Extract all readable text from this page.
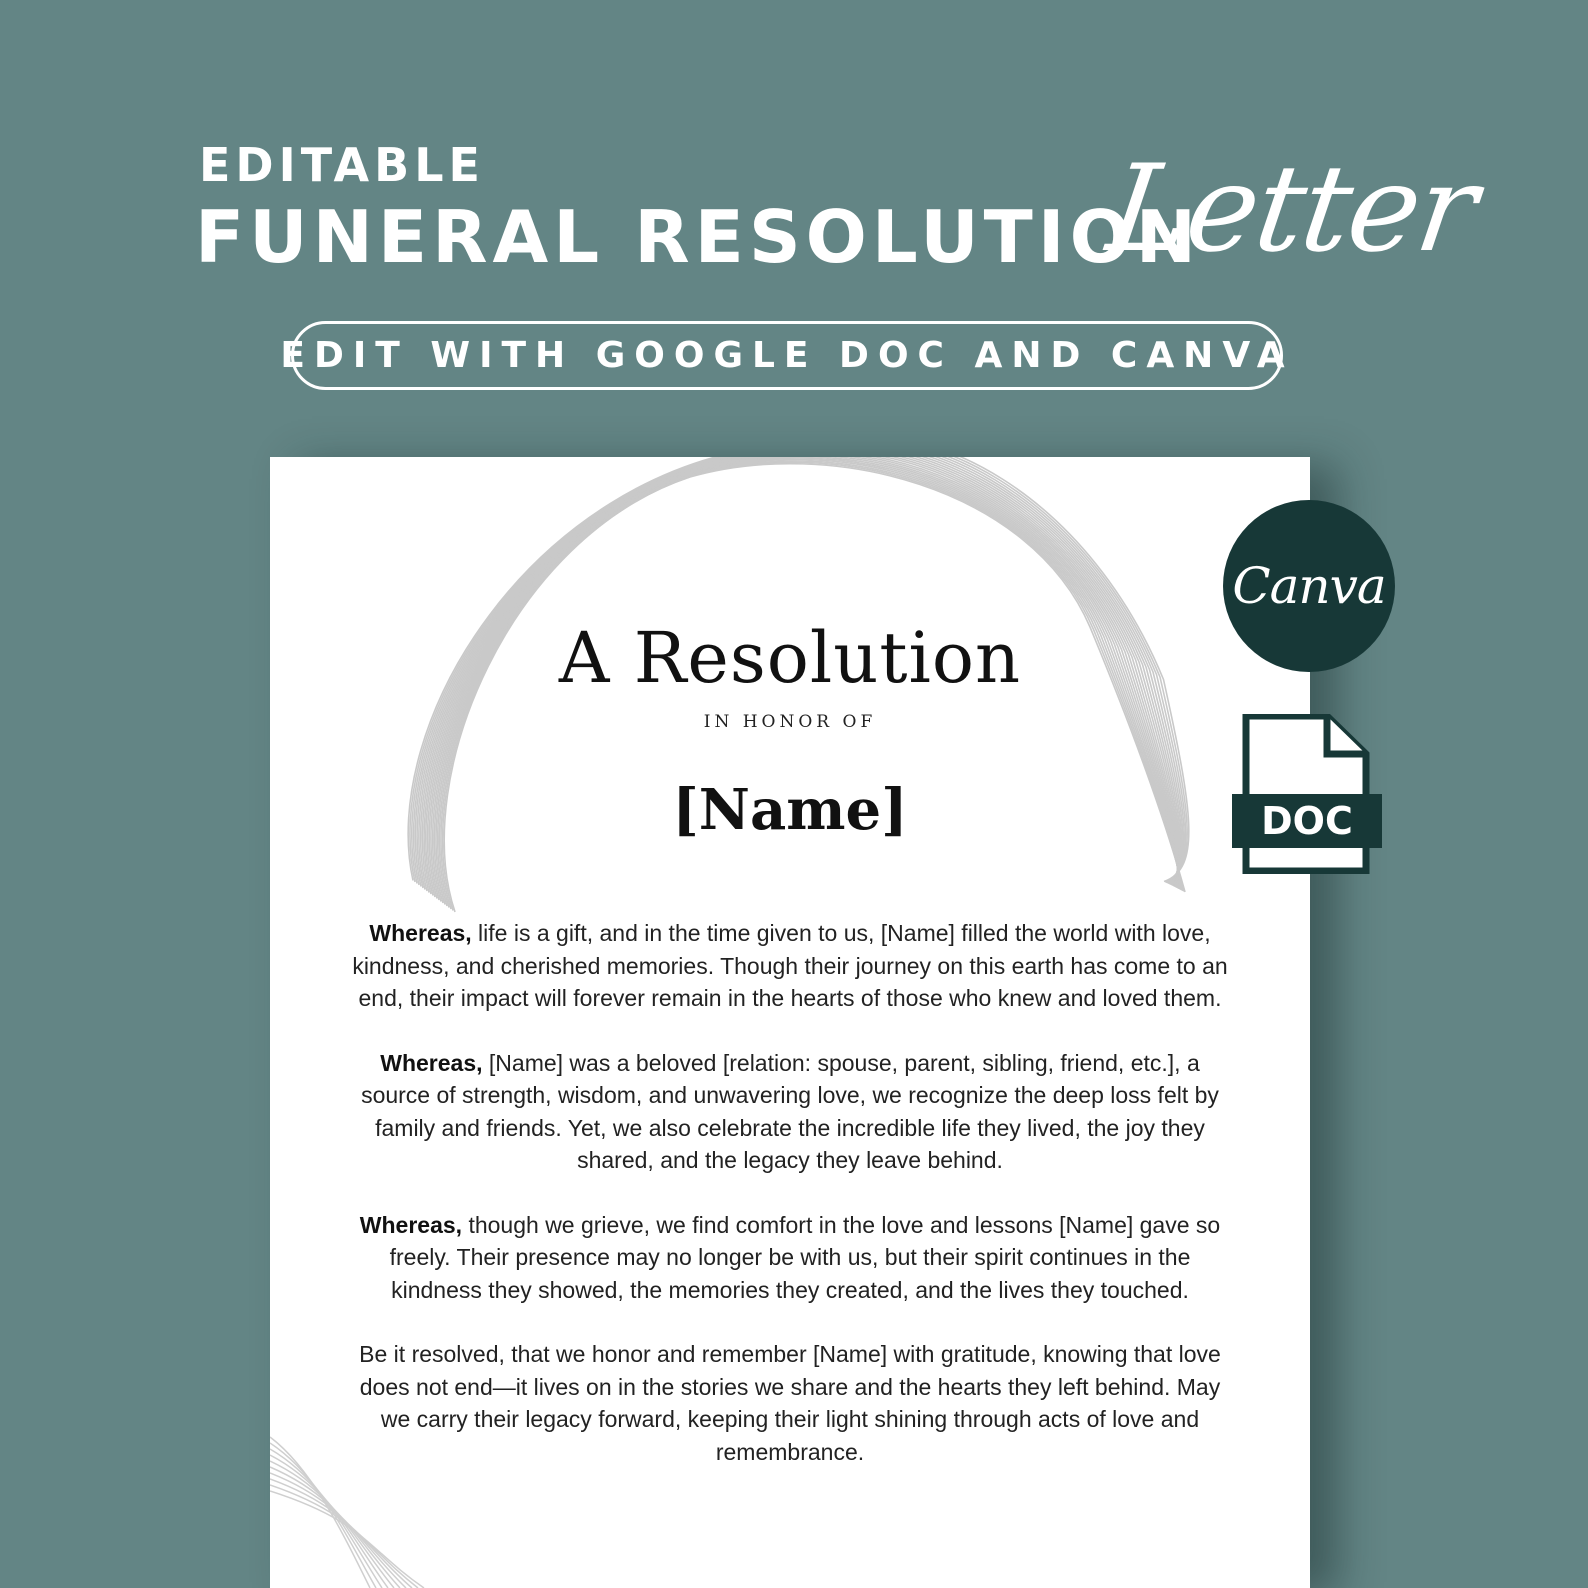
EDITABLE
FUNERAL RESOLUTION
Letter
EDIT WITH GOOGLE DOC AND CANVA
A Resolution
IN HONOR OF
[Name]

Whereas, life is a gift, and in the time given to us, [Name] filled the world with love, kindness, and cherished memories. Though their journey on this earth has come to an end, their impact will forever remain in the hearts of those who knew and loved them.

Whereas, [Name] was a beloved [relation: spouse, parent, sibling, friend, etc.], a source of strength, wisdom, and unwavering love, we recognize the deep loss felt by family and friends. Yet, we also celebrate the incredible life they lived, the joy they shared, and the legacy they leave behind.

Whereas, though we grieve, we find comfort in the love and lessons [Name] gave so freely. Their presence may no longer be with us, but their spirit continues in the kindness they showed, the memories they created, and the lives they touched.

Be it resolved, that we honor and remember [Name] with gratitude, knowing that love does not end—it lives on in the stories we share and the hearts they left behind. May we carry their legacy forward, keeping their light shining through acts of love and remembrance.

Canva
DOC
